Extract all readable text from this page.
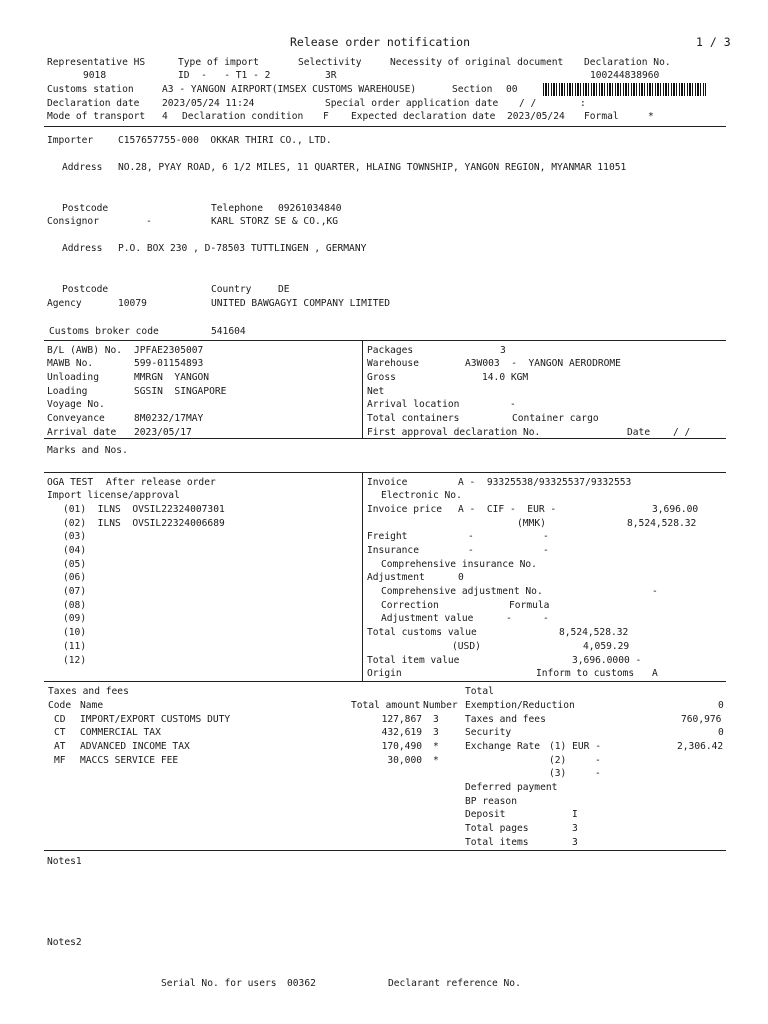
Release order notification	1 / 3
Representative HS	Type of import	Selectivity	Necessity of original document Declaration No.
9018	ID  -   - T1 - 2	3R	100244838960
Customs station	A3 - YANGON AIRPORT(IMSEX CUSTOMS WAREHOUSE)	Section 00
Declaration date 2023/05/24 11:24	Special order application date / /	:
Mode of transport 4 Declaration condition F Expected declaration date 2023/05/24 Formal	*
Importer	C157657755-000  OKKAR THIRI CO., LTD.
Address NO.28, PYAY ROAD, 6 1/2 MILES, 11 QUARTER, HLAING TOWNSHIP, YANGON REGION, MYANMAR 11051
Postcode	Telephone 09261034840
Consignor	-	KARL STORZ SE & CO.,KG
Address P.O. BOX 230 , D-78503 TUTTLINGEN , GERMANY
Postcode	Country	DE
Agency	10079	UNITED BAWGAGYI COMPANY LIMITED
Customs broker code	541604
B/L (AWB) No. JPFAE2305007
MAWB No.	599-01154893
Unloading	MMRGN  YANGON
Loading	SGSIN  SINGAPORE
Voyage No.
Conveyance	8M0232/17MAY
Arrival date 2023/05/17
Packages	3
Warehouse	A3W003  -  YANGON AERODROME
Gross	14.0 KGM
Net
Arrival location	-
Total containers	Container cargo
First approval declaration No.	Date / /
Marks and Nos.
OGA TEST After release order
Import license/approval
(01) ILNS  OVSIL22324007301
(02) ILNS  OVSIL22324006689
(03)
(04)
(05)
(06)
(07)
(08)
(09)
(10)
(11)
(12)
Invoice	A -  93325538/93325537/9332553
Electronic No.
Invoice price A -  CIF -  EUR -	3,696.00
(MMK)	8,524,528.32
Freight	-	-
Insurance	-	-
Comprehensive insurance No.
Adjustment	0
Comprehensive adjustment No.	-
Correction	Formula
Adjustment value	-	-
Total customs value	8,524,528.32
(USD)	4,059.29
Total item value	3,696.0000 -
Origin	Inform to customs A
Taxes and fees	Total
Code Name	Total amount Number
CD IMPORT/EXPORT CUSTOMS DUTY	127,867 3
CT COMMERCIAL TAX	432,619 3
AT ADVANCED INCOME TAX	170,490 *
MF MACCS SERVICE FEE	30,000 *
Exemption/Reduction	0
Taxes and fees	760,976
Security	0
Exchange Rate (1) EUR -	2,306.42
(2)	-
(3)	-
Deferred payment
BP reason
Deposit	I
Total pages	3
Total items	3
Notes1
Notes2
Serial No. for users 00362	Declarant reference No.
